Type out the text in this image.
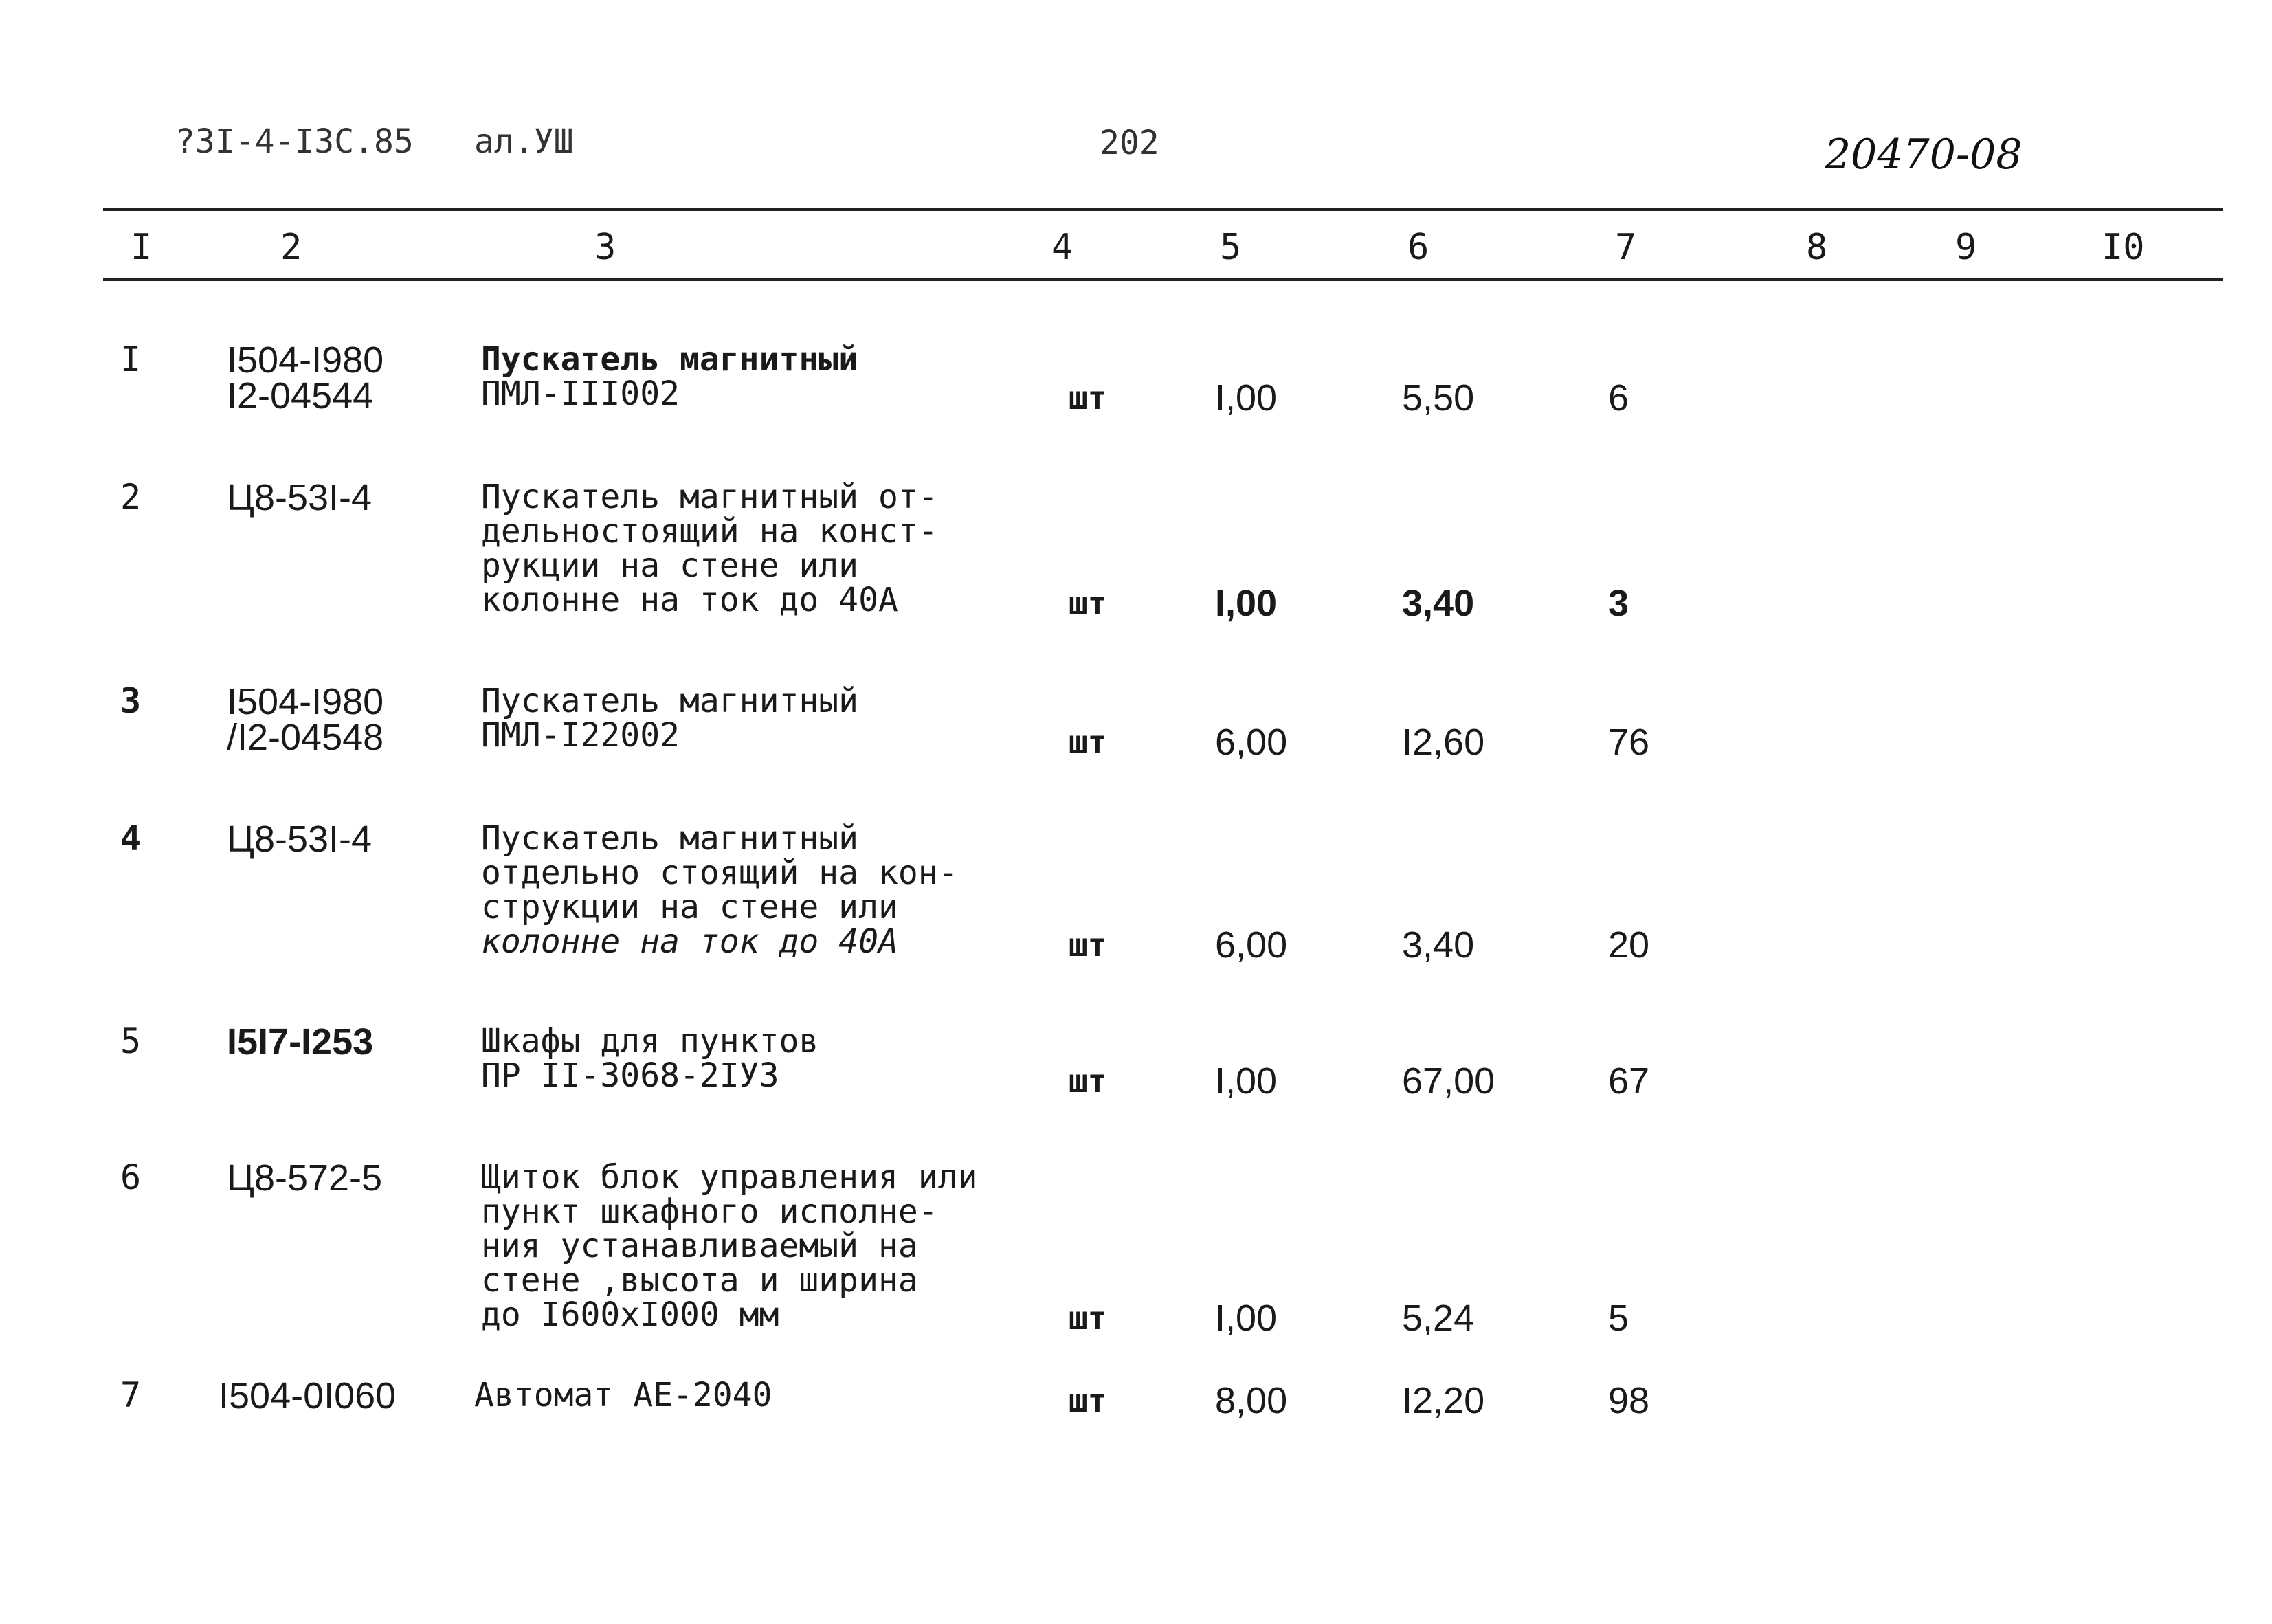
?ЗI-4-I3С.85 ал.УШ	202	20470-08
I	2	3	4	5	6	7	8	9	I0
I I504-I980
I2-04544
Пускатель магнитный
ПМЛ-III002	шт	I,00	5,50	6
2 Ц8-53I-4	Пускатель магнитный от-
дельностоящий на конст-
рукции на стене или
колонне на ток до 40А	шт	I,00	3,40	3
3 I504-I980
/I2-04548
Пускатель магнитный
ПМЛ-I22002	шт	6,00	I2,60	76
4 Ц8-53I-4	Пускатель магнитный
отдельно стоящий на кон-
струкции на стене или
колонне на ток до 40А	шт	6,00	3,40	20
5 I5I7-I253	Шкафы для пунктов
ПР II-3068-2IУ3	шт	I,00	67,00	67
6 Ц8-572-5	Щиток блок управления или
пункт шкафного исполне-
ния устанавливаемый на
стене ,высота и ширина
до I600хI000 мм	шт	I,00	5,24	5
7 I504-0I060 Автомат АЕ-2040	шт	8,00	I2,20	98
